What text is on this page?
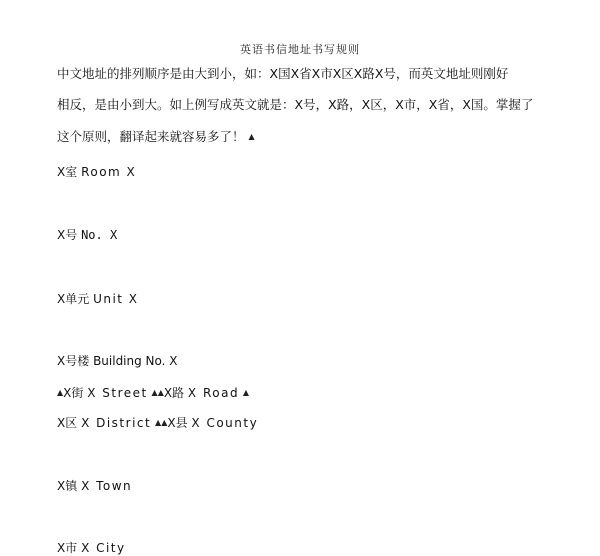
英语书信地址书写规则
中文地址的排列顺序是由大到小，如：X国X省X市X区X路X号，而英文地址则刚好
相反，是由小到大。如上例写成英文就是：X号，X路，X区，X市，X省，X国。掌握了
这个原则，翻译起来就容易多了！ ▲
X室 Room X
X号 No. X
X单元 Unit X
X号楼 Building No. X
▲X街 X Street ▲▲X路 X Road ▲
X区 X District ▲▲X县 X County
X镇 X Town
X市 X City
